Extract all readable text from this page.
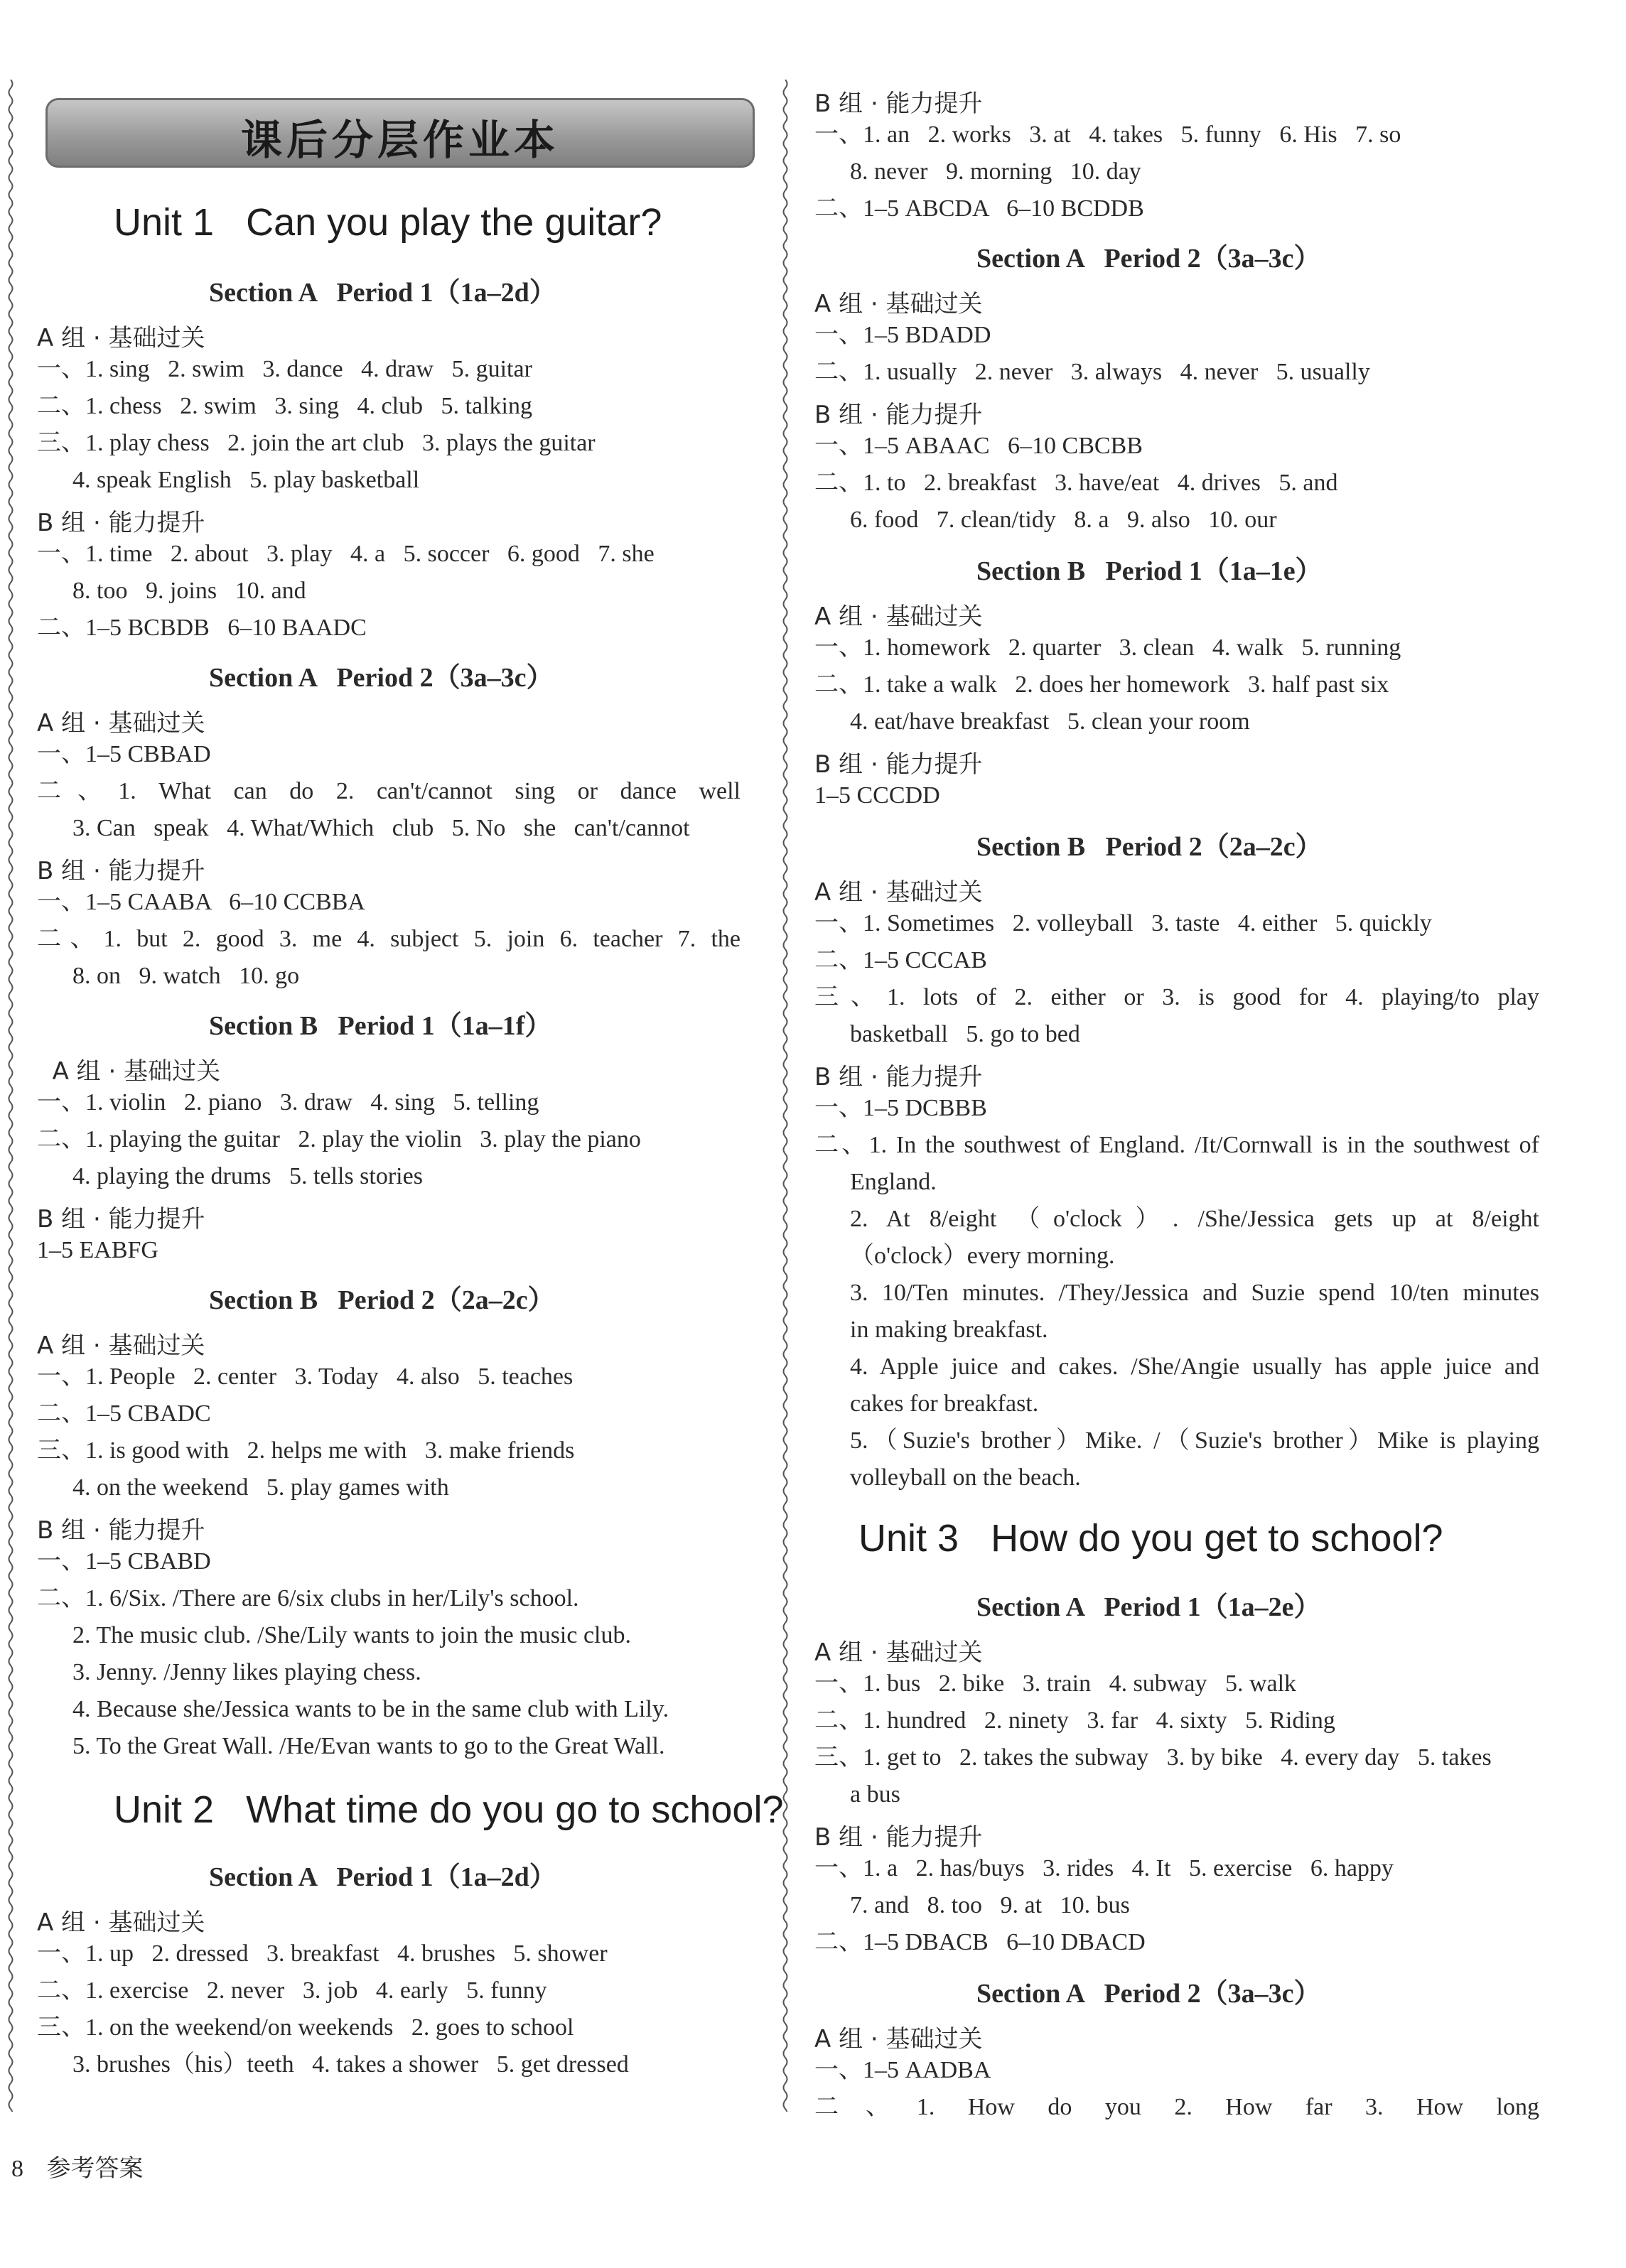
课后分层作业本
Unit 1   Can you play the guitar?
Section A   Period 1（1a–2d）
A 组 · 基础过关
一、1. sing   2. swim   3. dance   4. draw   5. guitar
二、1. chess   2. swim   3. sing   4. club   5. talking
三、1. play chess   2. join the art club   3. plays the guitar
4. speak English   5. play basketball
B 组 · 能力提升
一、1. time   2. about   3. play   4. a   5. soccer   6. good   7. she
8. too   9. joins   10. and
二、1–5 BCBDB   6–10 BAADC
Section A   Period 2（3a–3c）
A 组 · 基础过关
一、1–5 CBBAD
二、1. What can do 2. can't/cannot sing or dance well
3. Can   speak   4. What/Which   club   5. No   she   can't/cannot
B 组 · 能力提升
一、1–5 CAABA   6–10 CCBBA
二、1. but 2. good 3. me 4. subject 5. join 6. teacher 7. the
8. on   9. watch   10. go
Section B   Period 1（1a–1f）
A 组 · 基础过关
一、1. violin   2. piano   3. draw   4. sing   5. telling
二、1. playing the guitar   2. play the violin   3. play the piano
4. playing the drums   5. tells stories
B 组 · 能力提升
1–5 EABFG
Section B   Period 2（2a–2c）
A 组 · 基础过关
一、1. People   2. center   3. Today   4. also   5. teaches
二、1–5 CBADC
三、1. is good with   2. helps me with   3. make friends
4. on the weekend   5. play games with
B 组 · 能力提升
一、1–5 CBABD
二、1. 6/Six. /There are 6/six clubs in her/Lily's school.
2. The music club. /She/Lily wants to join the music club.
3. Jenny. /Jenny likes playing chess.
4. Because she/Jessica wants to be in the same club with Lily.
5. To the Great Wall. /He/Evan wants to go to the Great Wall.
Unit 2   What time do you go to school?
Section A   Period 1（1a–2d）
A 组 · 基础过关
一、1. up   2. dressed   3. breakfast   4. brushes   5. shower
二、1. exercise   2. never   3. job   4. early   5. funny
三、1. on the weekend/on weekends   2. goes to school
3. brushes（his）teeth   4. takes a shower   5. get dressed
B 组 · 能力提升
一、1. an   2. works   3. at   4. takes   5. funny   6. His   7. so
8. never   9. morning   10. day
二、1–5 ABCDA   6–10 BCDDB
Section A   Period 2（3a–3c）
A 组 · 基础过关
一、1–5 BDADD
二、1. usually   2. never   3. always   4. never   5. usually
B 组 · 能力提升
一、1–5 ABAAC   6–10 CBCBB
二、1. to   2. breakfast   3. have/eat   4. drives   5. and
6. food   7. clean/tidy   8. a   9. also   10. our
Section B   Period 1（1a–1e）
A 组 · 基础过关
一、1. homework   2. quarter   3. clean   4. walk   5. running
二、1. take a walk   2. does her homework   3. half past six
4. eat/have breakfast   5. clean your room
B 组 · 能力提升
1–5 CCCDD
Section B   Period 2（2a–2c）
A 组 · 基础过关
一、1. Sometimes   2. volleyball   3. taste   4. either   5. quickly
二、1–5 CCCAB
三、1. lots of 2. either or 3. is good for 4. playing/to play
basketball   5. go to bed
B 组 · 能力提升
一、1–5 DCBBB
二、1. In the southwest of England. /It/Cornwall is in the southwest of
England.
2. At 8/eight （o'clock）. /She/Jessica gets up at 8/eight
（o'clock）every morning.
3. 10/Ten minutes. /They/Jessica and Suzie spend 10/ten minutes
in making breakfast.
4. Apple juice and cakes. /She/Angie usually has apple juice and
cakes for breakfast.
5.（Suzie's brother）Mike. /（Suzie's brother）Mike is playing
volleyball on the beach.
Unit 3   How do you get to school?
Section A   Period 1（1a–2e）
A 组 · 基础过关
一、1. bus   2. bike   3. train   4. subway   5. walk
二、1. hundred   2. ninety   3. far   4. sixty   5. Riding
三、1. get to   2. takes the subway   3. by bike   4. every day   5. takes
a bus
B 组 · 能力提升
一、1. a   2. has/buys   3. rides   4. It   5. exercise   6. happy
7. and   8. too   9. at   10. bus
二、1–5 DBACB   6–10 DBACD
Section A   Period 2（3a–3c）
A 组 · 基础过关
一、1–5 AADBA
二、1. How do you 2. How far 3. How long
8 参考答案
